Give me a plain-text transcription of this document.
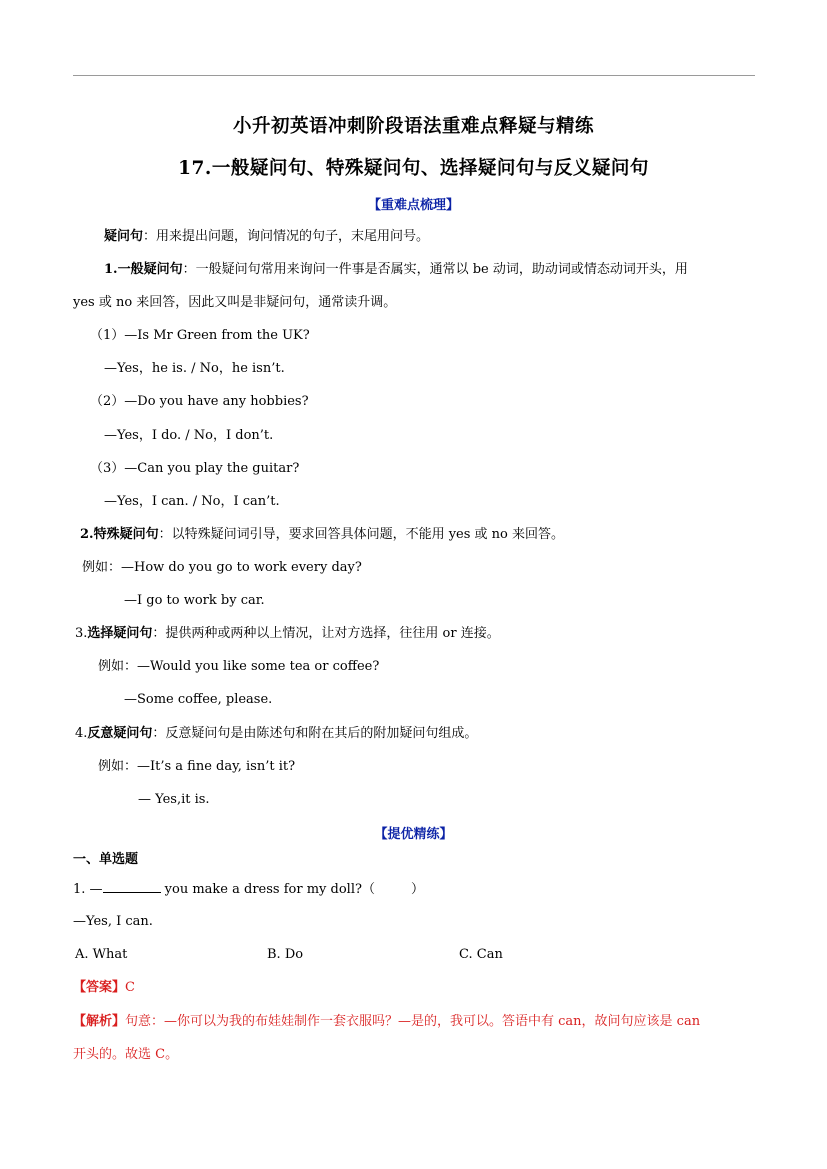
小升初英语冲刺阶段语法重难点释疑与精练
17.一般疑问句、特殊疑问句、选择疑问句与反义疑问句
【重难点梳理】
疑问句：用来提出问题，询问情况的句子，末尾用问号。
1.一般疑问句：一般疑问句常用来询问一件事是否属实，通常以 be 动词，助动词或情态动词开头，用
yes 或 no 来回答，因此又叫是非疑问句，通常读升调。
（1）—Is Mr Green from the UK?
—Yes，he is. / No，he isn’t.
（2）—Do you have any hobbies?
—Yes，I do. / No，I don’t.
（3）—Can you play the guitar?
—Yes，I can. / No，I can’t.
2.特殊疑问句：以特殊疑问词引导，要求回答具体问题，不能用 yes 或 no 来回答。
例如：—How do you go to work every day?
—I go to work by car.
3.选择疑问句：提供两种或两种以上情况，让对方选择，往往用 or 连接。
例如：—Would you like some tea or coffee?
—Some coffee, please.
4.反意疑问句：反意疑问句是由陈述句和附在其后的附加疑问句组成。
例如：—It’s a fine day, isn’t it?
— Yes,it is.
【提优精练】
一、单选题
1. —	you make a dress for my doll?（	）
—Yes, I can.
A. What	B. Do	C. Can
【答案】C
【解析】句意：—你可以为我的布娃娃制作一套衣服吗？—是的，我可以。答语中有 can，故问句应该是 can
开头的。故选 C。
